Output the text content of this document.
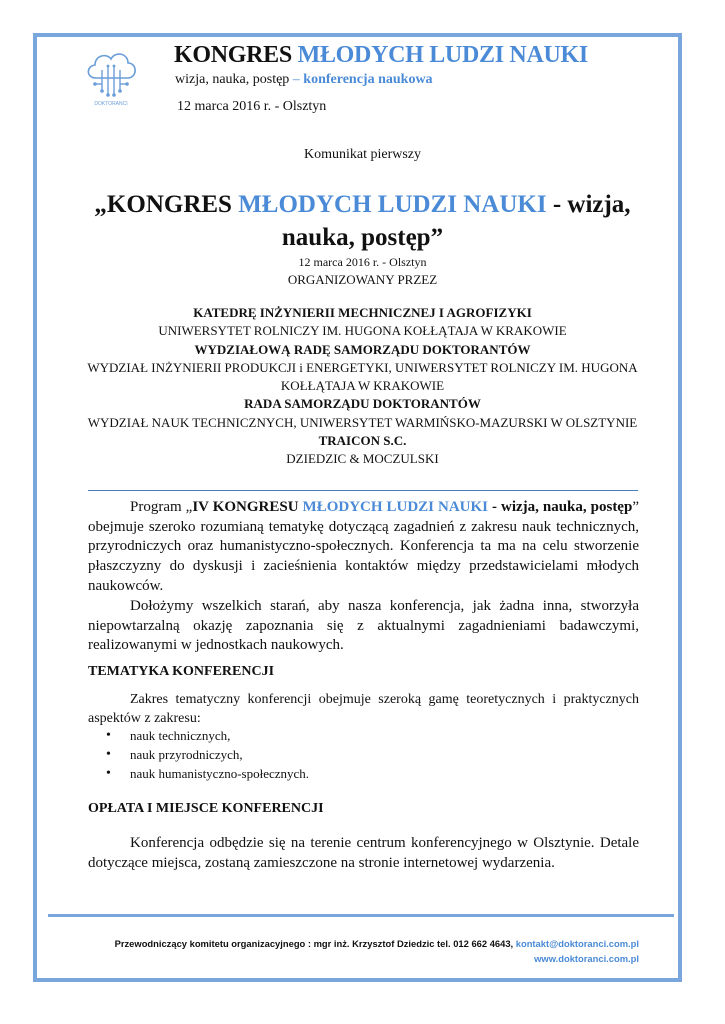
DOKTORANCI
KONGRES MŁODYCH LUDZI NAUKI
wizja, nauka, postęp – konferencja naukowa
12 marca 2016 r. - Olsztyn
Komunikat pierwszy
„KONGRES MŁODYCH LUDZI NAUKI - wizja,
nauka, postęp”
12 marca 2016 r. - Olsztyn
ORGANIZOWANY PRZEZ
KATEDRĘ INŻYNIERII MECHNICZNEJ I AGROFIZYKI
UNIWERSYTET ROLNICZY IM. HUGONA KOŁŁĄTAJA W KRAKOWIE
WYDZIAŁOWĄ RADĘ SAMORZĄDU DOKTORANTÓW
WYDZIAŁ INŻYNIERII PRODUKCJI i ENERGETYKI, UNIWERSYTET ROLNICZY IM. HUGONA
KOŁŁĄTAJA W KRAKOWIE
RADA SAMORZĄDU DOKTORANTÓW
WYDZIAŁ NAUK TECHNICZNYCH, UNIWERSYTET WARMIŃSKO-MAZURSKI W OLSZTYNIE
TRAICON S.C.
DZIEDZIC & MOCZULSKI
Program „IV KONGRESU MŁODYCH LUDZI NAUKI - wizja, nauka, postęp” obejmuje szeroko rozumianą tematykę dotyczącą zagadnień z zakresu nauk technicznych, przyrodniczych oraz humanistyczno-społecznych. Konferencja ta ma na celu stworzenie płaszczyzny do dyskusji i zacieśnienia kontaktów między przedstawicielami młodych naukowców.
Dołożymy wszelkich starań, aby nasza konferencja, jak żadna inna, stworzyła niepowtarzalną okazję zapoznania się z aktualnymi zagadnieniami badawczymi, realizowanymi w jednostkach naukowych.
TEMATYKA KONFERENCJI
Zakres tematyczny konferencji obejmuje szeroką gamę teoretycznych i praktycznych aspektów z zakresu:
• nauk technicznych,
• nauk przyrodniczych,
• nauk humanistyczno-społecznych.
OPŁATA I MIEJSCE KONFERENCJI
Konferencja odbędzie się na terenie centrum konferencyjnego w Olsztynie. Detale dotyczące miejsca, zostaną zamieszczone na stronie internetowej wydarzenia.
Przewodniczący komitetu organizacyjnego : mgr inż. Krzysztof Dziedzic tel. 012 662 4643, kontakt@doktoranci.com.pl
www.doktoranci.com.pl
